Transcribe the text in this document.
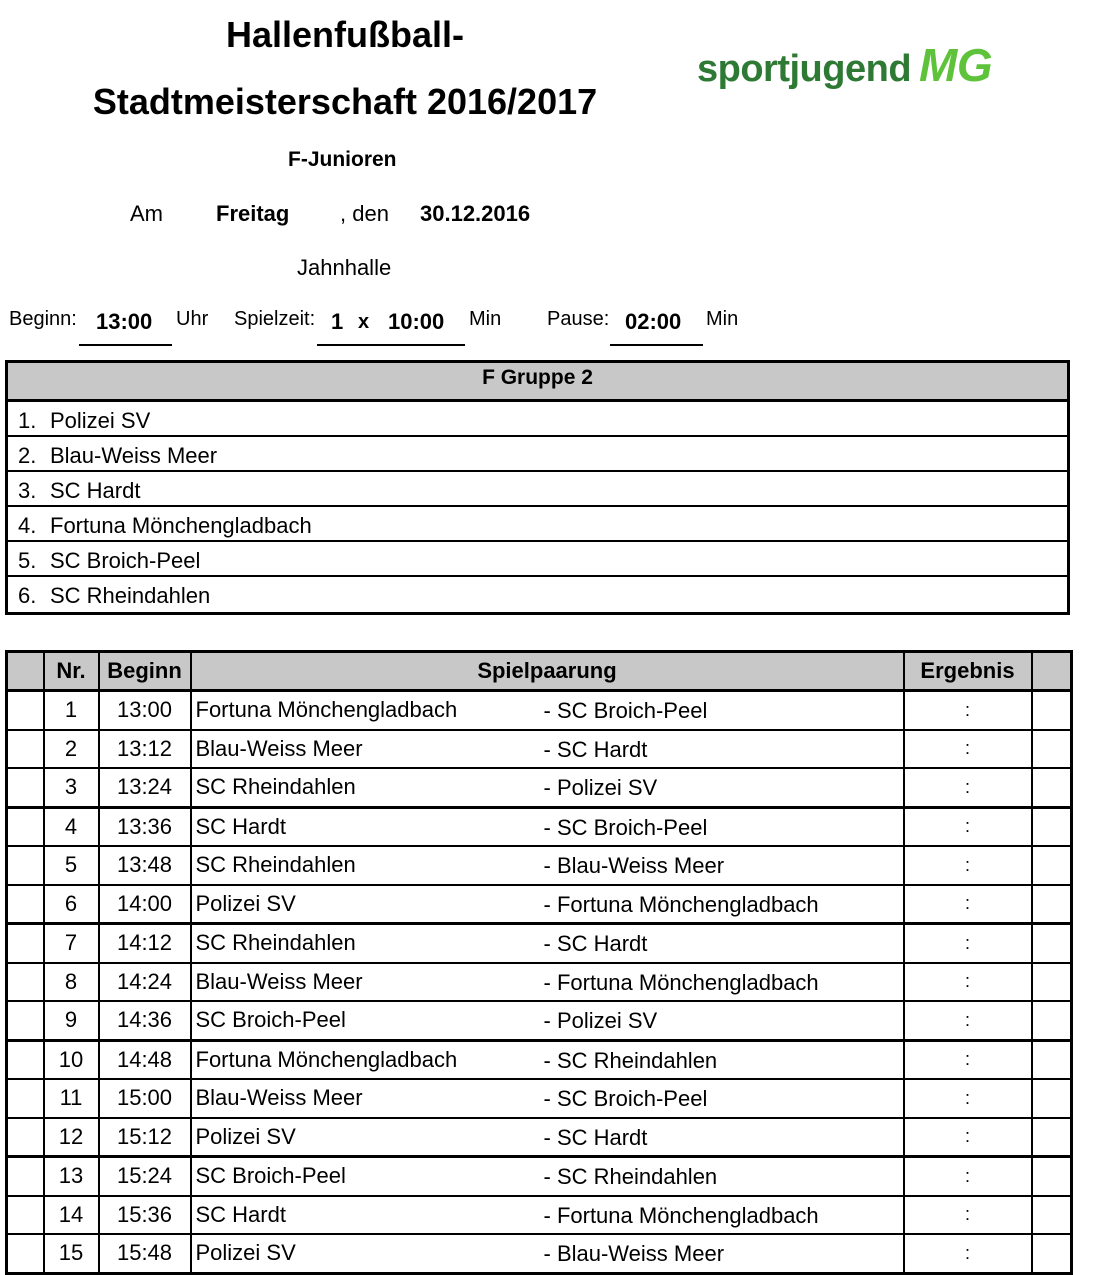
Hallenfußball-
Stadtmeisterschaft 2016/2017
sportjugend MG
F-Junioren
Am Freitag , den 30.12.2016
Jahnhalle
Beginn: 13:00 Uhr Spielzeit: 1 x 10:00 Min Pause: 02:00 Min
F Gruppe 2
1. Polizei SV
2. Blau-Weiss Meer
3. SC Hardt
4. Fortuna Mönchengladbach
5. SC Broich-Peel
6. SC Rheindahlen
	Nr.	Beginn	Spielpaarung	Ergebnis	
	1	13:00	Fortuna Mönchengladbach - SC Broich-Peel	:	
	2	13:12	Blau-Weiss Meer - SC Hardt	:	
	3	13:24	SC Rheindahlen - Polizei SV	:	
	4	13:36	SC Hardt - SC Broich-Peel	:	
	5	13:48	SC Rheindahlen - Blau-Weiss Meer	:	
	6	14:00	Polizei SV - Fortuna Mönchengladbach	:	
	7	14:12	SC Rheindahlen - SC Hardt	:	
	8	14:24	Blau-Weiss Meer - Fortuna Mönchengladbach	:	
	9	14:36	SC Broich-Peel - Polizei SV	:	
	10	14:48	Fortuna Mönchengladbach - SC Rheindahlen	:	
	11	15:00	Blau-Weiss Meer - SC Broich-Peel	:	
	12	15:12	Polizei SV - SC Hardt	:	
	13	15:24	SC Broich-Peel - SC Rheindahlen	:	
	14	15:36	SC Hardt - Fortuna Mönchengladbach	:	
	15	15:48	Polizei SV - Blau-Weiss Meer	:	
